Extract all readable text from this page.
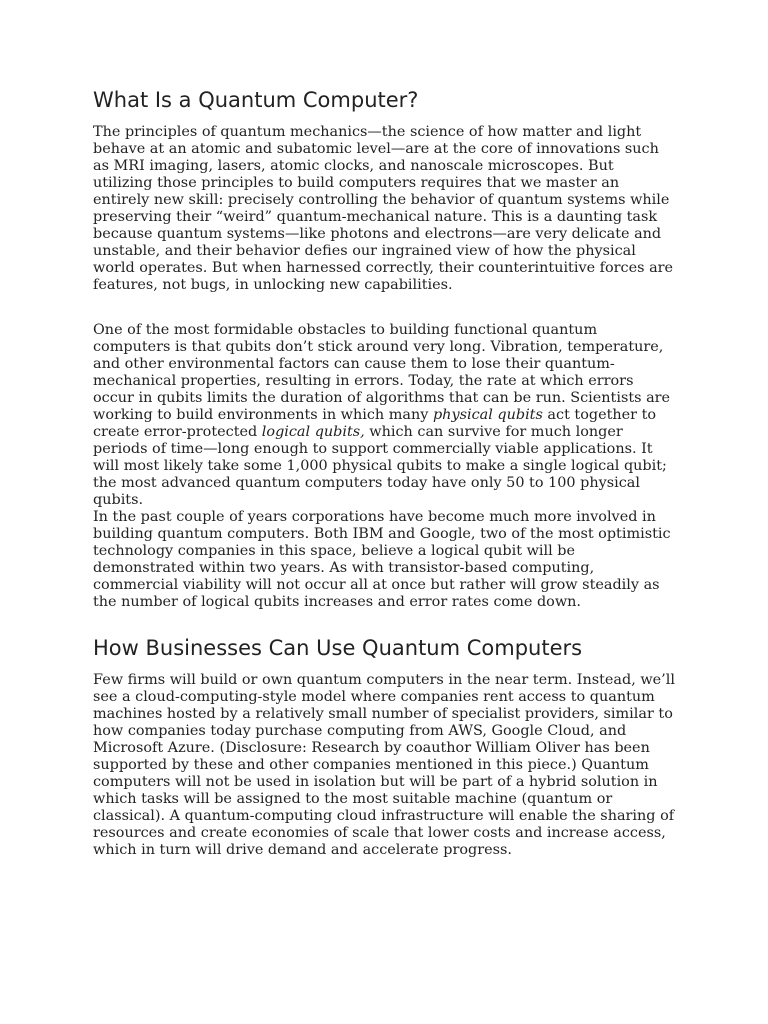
What Is a Quantum Computer?

The principles of quantum mechanics—the science of how matter and light behave at an atomic and subatomic level—are at the core of innovations such as MRI imaging, lasers, atomic clocks, and nanoscale microscopes. But utilizing those principles to build computers requires that we master an entirely new skill: precisely controlling the behavior of quantum systems while preserving their “weird” quantum-mechanical nature. This is a daunting task because quantum systems—like photons and electrons—are very delicate and unstable, and their behavior defies our ingrained view of how the physical world operates. But when harnessed correctly, their counterintuitive forces are features, not bugs, in unlocking new capabilities.

One of the most formidable obstacles to building functional quantum computers is that qubits don’t stick around very long. Vibration, temperature, and other environmental factors can cause them to lose their quantum-mechanical properties, resulting in errors. Today, the rate at which errors occur in qubits limits the duration of algorithms that can be run. Scientists are working to build environments in which many physical qubits act together to create error-protected logical qubits, which can survive for much longer periods of time—long enough to support commercially viable applications. It will most likely take some 1,000 physical qubits to make a single logical qubit; the most advanced quantum computers today have only 50 to 100 physical qubits.

In the past couple of years corporations have become much more involved in building quantum computers. Both IBM and Google, two of the most optimistic technology companies in this space, believe a logical qubit will be demonstrated within two years. As with transistor-based computing, commercial viability will not occur all at once but rather will grow steadily as the number of logical qubits increases and error rates come down.

How Businesses Can Use Quantum Computers

Few firms will build or own quantum computers in the near term. Instead, we’ll see a cloud-computing-style model where companies rent access to quantum machines hosted by a relatively small number of specialist providers, similar to how companies today purchase computing from AWS, Google Cloud, and Microsoft Azure. (Disclosure: Research by coauthor William Oliver has been supported by these and other companies mentioned in this piece.) Quantum computers will not be used in isolation but will be part of a hybrid solution in which tasks will be assigned to the most suitable machine (quantum or classical). A quantum-computing cloud infrastructure will enable the sharing of resources and create economies of scale that lower costs and increase access, which in turn will drive demand and accelerate progress.
